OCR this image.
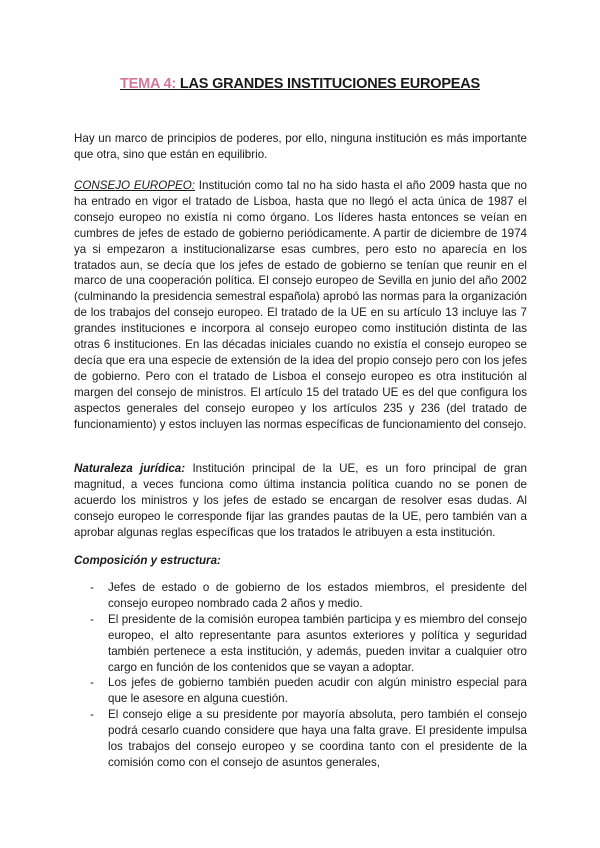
TEMA 4: LAS GRANDES INSTITUCIONES EUROPEAS

Hay un marco de principios de poderes, por ello, ninguna institución es más importante que otra, sino que están en equilibrio.

CONSEJO EUROPEO: Institución como tal no ha sido hasta el año 2009 hasta que no ha entrado en vigor el tratado de Lisboa, hasta que no llegó el acta única de 1987 el consejo europeo no existía ni como órgano. Los líderes hasta entonces se veían en cumbres de jefes de estado de gobierno periódicamente. A partir de diciembre de 1974 ya si empezaron a institucionalizarse esas cumbres, pero esto no aparecía en los tratados aun, se decía que los jefes de estado de gobierno se tenían que reunir en el marco de una cooperación política. El consejo europeo de Sevilla en junio del año 2002 (culminando la presidencia semestral española) aprobó las normas para la organización de los trabajos del consejo europeo. El tratado de la UE en su artículo 13 incluye las 7 grandes instituciones e incorpora al consejo europeo como institución distinta de las otras 6 instituciones. En las décadas iniciales cuando no existía el consejo europeo se decía que era una especie de extensión de la idea del propio consejo pero con los jefes de gobierno. Pero con el tratado de Lisboa el consejo europeo es otra institución al margen del consejo de ministros. El artículo 15 del tratado UE es del que configura los aspectos generales del consejo europeo y los artículos 235 y 236 (del tratado de funcionamiento) y estos incluyen las normas específicas de funcionamiento del consejo.

Naturaleza jurídica: Institución principal de la UE, es un foro principal de gran magnitud, a veces funciona como última instancia política cuando no se ponen de acuerdo los ministros y los jefes de estado se encargan de resolver esas dudas. Al consejo europeo le corresponde fijar las grandes pautas de la UE, pero también van a aprobar algunas reglas específicas que los tratados le atribuyen a esta institución.

Composición y estructura:
- Jefes de estado o de gobierno de los estados miembros, el presidente del consejo europeo nombrado cada 2 años y medio.
- El presidente de la comisión europea también participa y es miembro del consejo europeo, el alto representante para asuntos exteriores y política y seguridad también pertenece a esta institución, y además, pueden invitar a cualquier otro cargo en función de los contenidos que se vayan a adoptar.
- Los jefes de gobierno también pueden acudir con algún ministro especial para que le asesore en alguna cuestión.
- El consejo elige a su presidente por mayoría absoluta, pero también el consejo podrá cesarlo cuando considere que haya una falta grave. El presidente impulsa los trabajos del consejo europeo y se coordina tanto con el presidente de la comisión como con el consejo de asuntos generales,
